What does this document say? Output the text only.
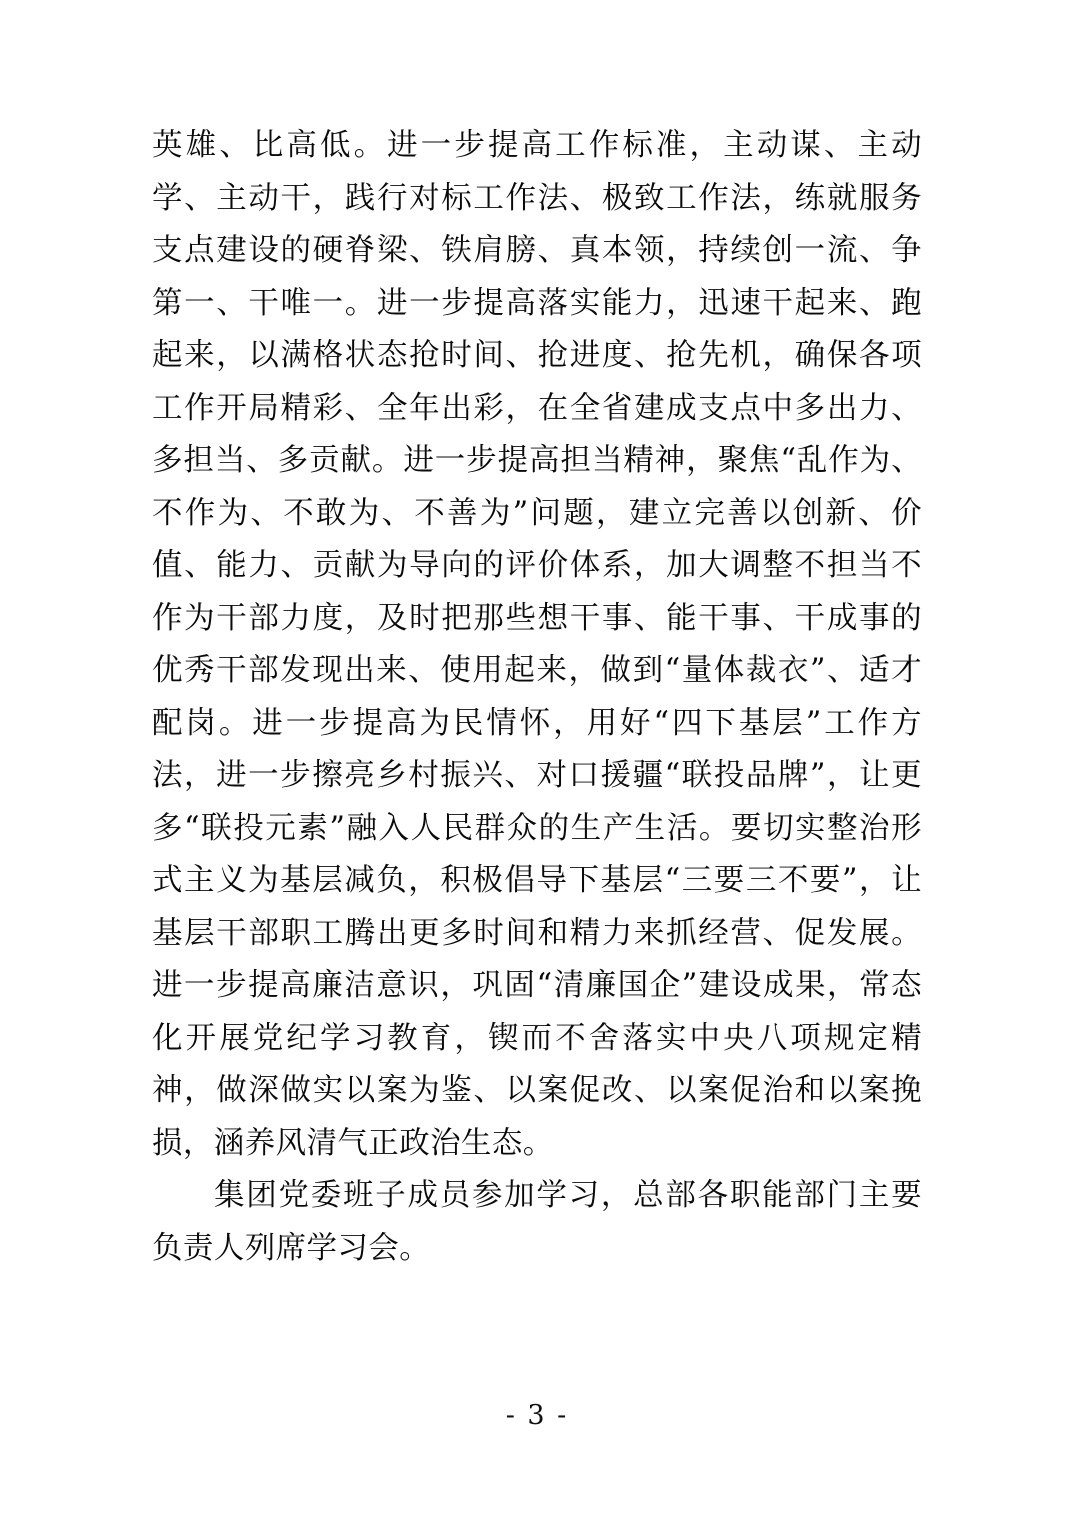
英雄、比高低。进一步提高工作标准，主动谋、主动学、主动干，践行对标工作法、极致工作法，练就服务支点建设的硬脊梁、铁肩膀、真本领，持续创一流、争第一、干唯一。进一步提高落实能力，迅速干起来、跑起来，以满格状态抢时间、抢进度、抢先机，确保各项工作开局精彩、全年出彩，在全省建成支点中多出力、多担当、多贡献。进一步提高担当精神，聚焦“乱作为、不作为、不敢为、不善为”问题，建立完善以创新、价值、能力、贡献为导向的评价体系，加大调整不担当不作为干部力度，及时把那些想干事、能干事、干成事的优秀干部发现出来、使用起来，做到“量体裁衣”、适才配岗。进一步提高为民情怀，用好“四下基层”工作方法，进一步擦亮乡村振兴、对口援疆“联投品牌”，让更多“联投元素”融入人民群众的生产生活。要切实整治形式主义为基层减负，积极倡导下基层“三要三不要”，让基层干部职工腾出更多时间和精力来抓经营、促发展。进一步提高廉洁意识，巩固“清廉国企”建设成果，常态化开展党纪学习教育，锲而不舍落实中央八项规定精神，做深做实以案为鉴、以案促改、以案促治和以案挽损，涵养风清气正政治生态。

集团党委班子成员参加学习，总部各职能部门主要负责人列席学习会。

- 3 -
